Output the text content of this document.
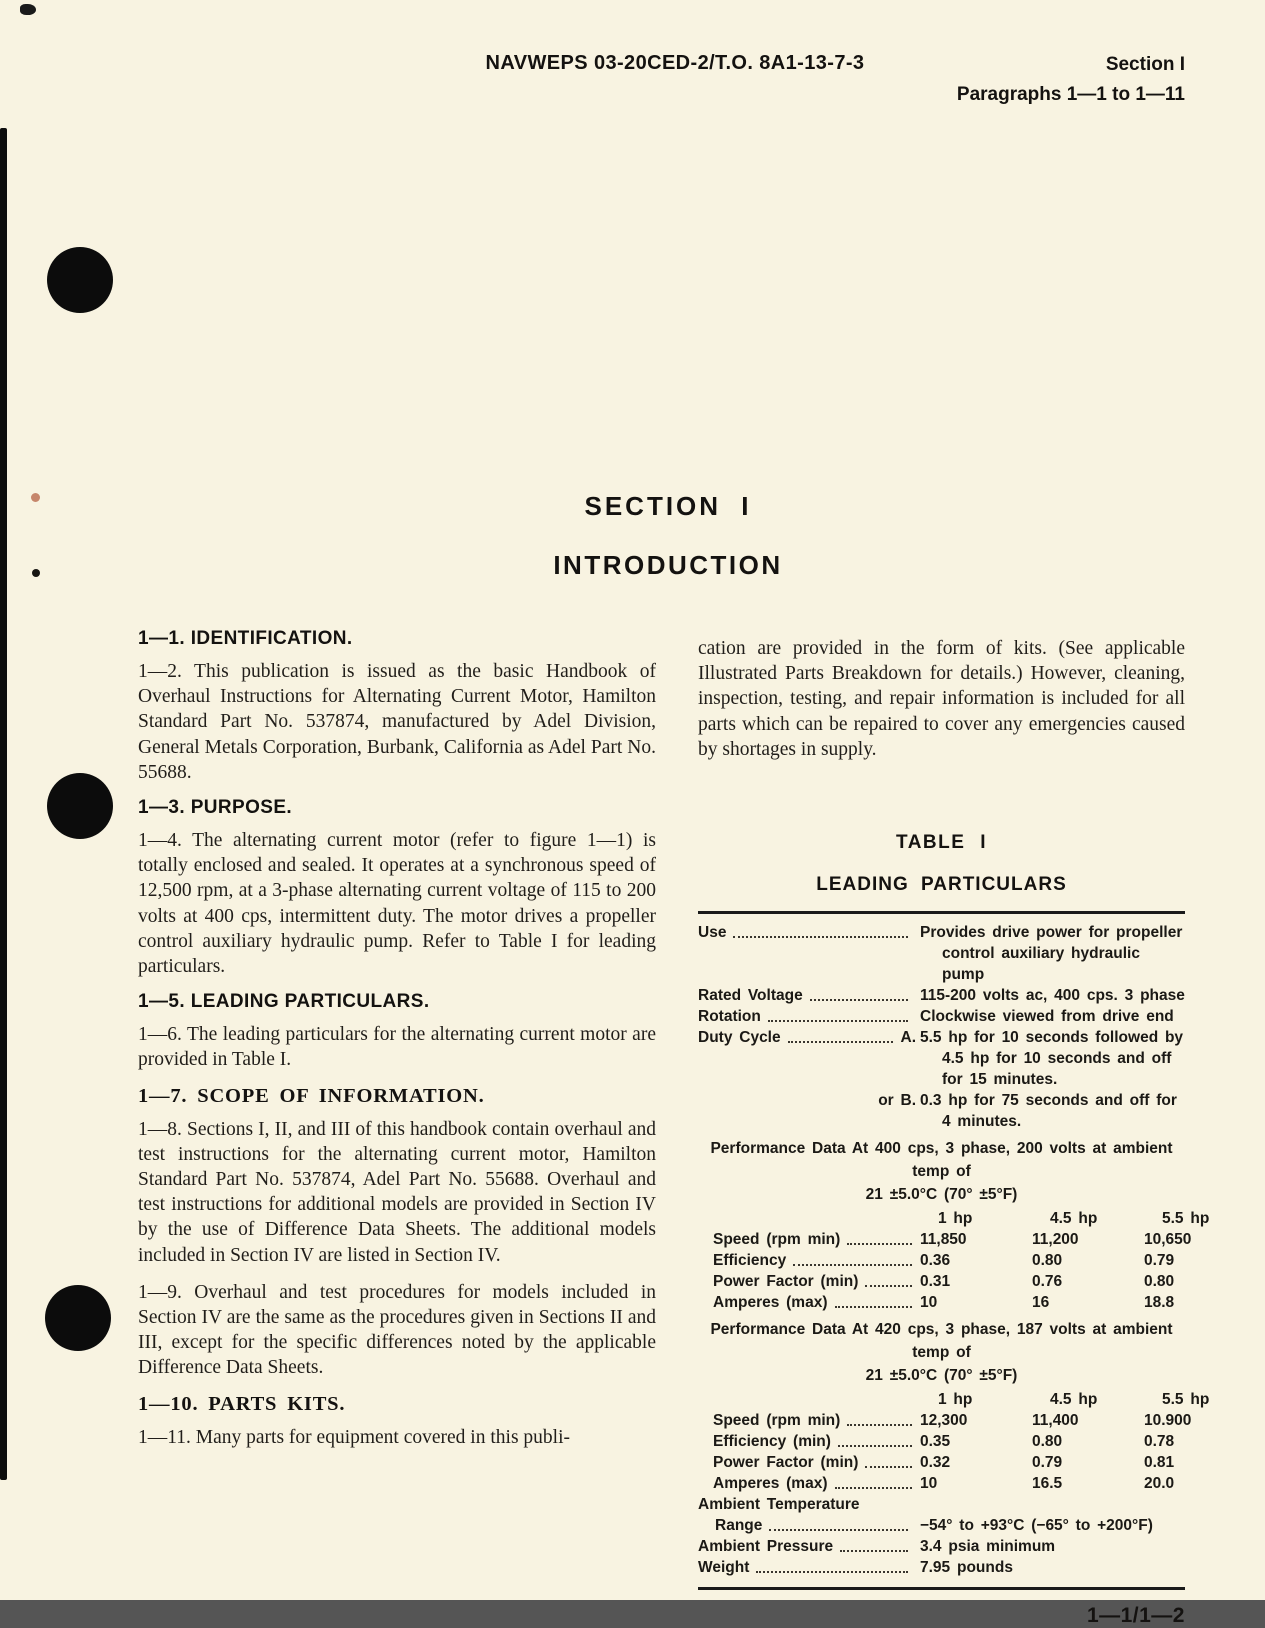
NAVWEPS 03-20CED-2/T.O. 8A1-13-7-3	Section I
Paragraphs 1—1 to 1—11
SECTION I
INTRODUCTION
1—1. IDENTIFICATION.

1—2. This publication is issued as the basic Handbook of Overhaul Instructions for Alternating Current Motor, Hamilton Standard Part No. 537874, manufactured by Adel Division, General Metals Corporation, Burbank, California as Adel Part No. 55688.

1—3. PURPOSE.

1—4. The alternating current motor (refer to figure 1—1) is totally enclosed and sealed. It operates at a synchronous speed of 12,500 rpm, at a 3-phase alternating current voltage of 115 to 200 volts at 400 cps, intermittent duty. The motor drives a propeller control auxiliary hydraulic pump. Refer to Table I for leading particulars.

1—5. LEADING PARTICULARS.

1—6. The leading particulars for the alternating current motor are provided in Table I.

1—7. SCOPE OF INFORMATION.

1—8. Sections I, II, and III of this handbook contain overhaul and test instructions for the alternating current motor, Hamilton Standard Part No. 537874, Adel Part No. 55688. Overhaul and test instructions for additional models are provided in Section IV by the use of Difference Data Sheets. The additional models included in Section IV are listed in Section IV.

1—9. Overhaul and test procedures for models included in Section IV are the same as the procedures given in Sections II and III, except for the specific differences noted by the applicable Difference Data Sheets.

1—10. PARTS KITS.

1—11. Many parts for equipment covered in this publi-

cation are provided in the form of kits. (See applicable Illustrated Parts Breakdown for details.) However, cleaning, inspection, testing, and repair information is included for all parts which can be repaired to cover any emergencies caused by shortages in supply.

TABLE I
LEADING PARTICULARS
Use	Provides drive power for propeller control auxiliary hydraulic pump
Rated Voltage	115-200 volts ac, 400 cps. 3 phase
Rotation	Clockwise viewed from drive end
Duty Cycle	A. 5.5 hp for 10 seconds followed by 4.5 hp for 10 seconds and off for 15 minutes.
or B. 0.3 hp for 75 seconds and off for 4 minutes.
Performance Data At 400 cps, 3 phase, 200 volts at ambient temp of
21 ±5.0°C (70° ±5°F)
1 hp	4.5 hp	5.5 hp
Speed (rpm min)	11,850	11,200	10,650
Efficiency	0.36	0.80	0.79
Power Factor (min)	0.31	0.76	0.80
Amperes (max)	10	16	18.8
Performance Data At 420 cps, 3 phase, 187 volts at ambient temp of
21 ±5.0°C (70° ±5°F)
1 hp	4.5 hp	5.5 hp
Speed (rpm min)	12,300	11,400	10.900
Efficiency (min)	0.35	0.80	0.78
Power Factor (min)	0.32	0.79	0.81
Amperes (max)	10	16.5	20.0
Ambient Temperature
Range	−54° to +93°C (−65° to +200°F)
Ambient Pressure	3.4 psia minimum
Weight	7.95 pounds
1—1/1—2
